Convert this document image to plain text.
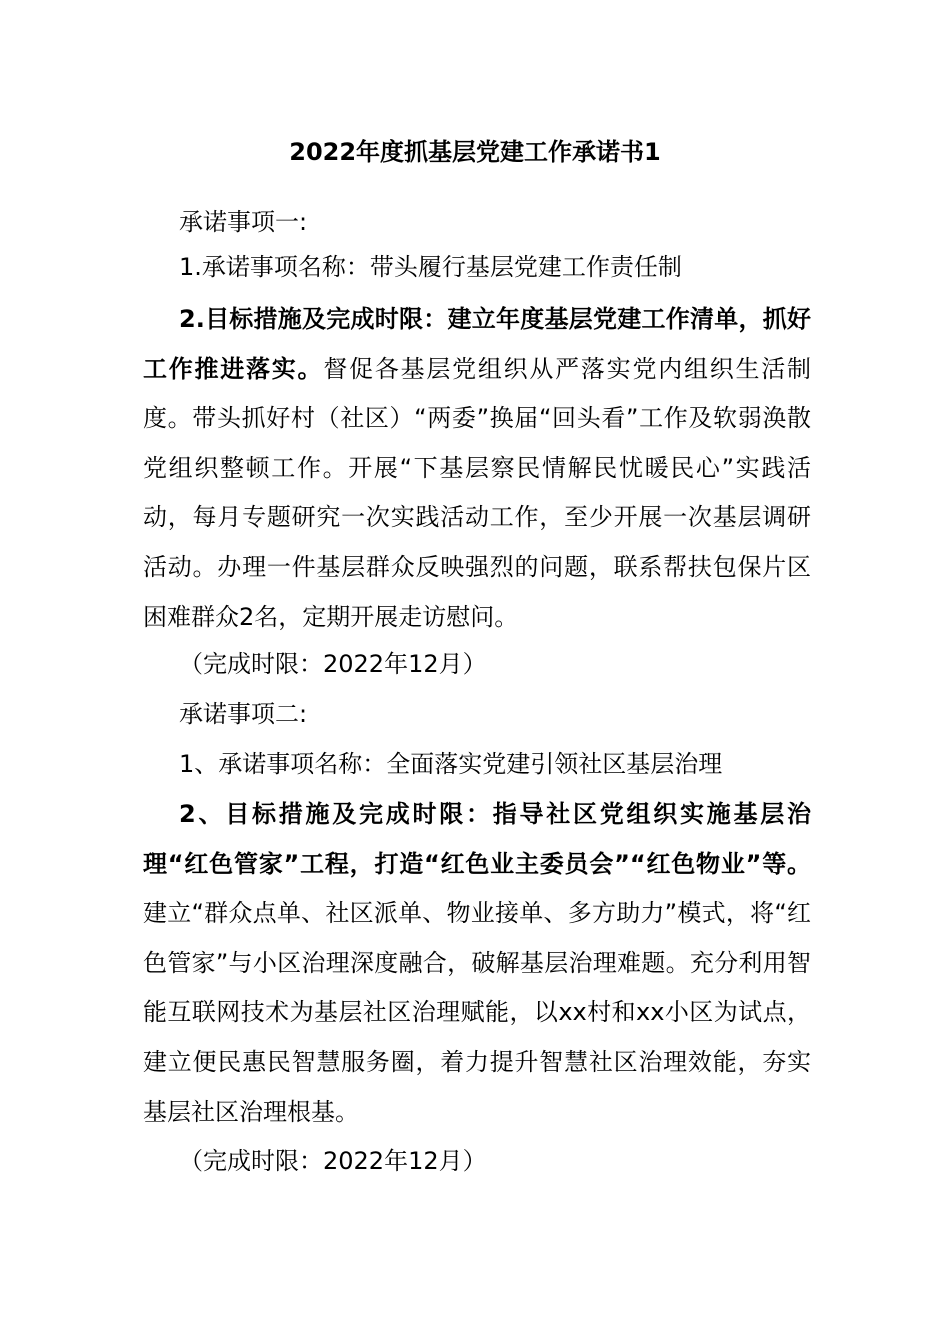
2022年度抓基层党建工作承诺书1

承诺事项一:

1.承诺事项名称：带头履行基层党建工作责任制

2.目标措施及完成时限：建立年度基层党建工作清单，抓好工作推进落实。督促各基层党组织从严落实党内组织生活制度。带头抓好村（社区）“两委”换届“回头看”工作及软弱涣散党组织整顿工作。开展“下基层察民情解民忧暖民心”实践活动，每月专题研究一次实践活动工作，至少开展一次基层调研活动。办理一件基层群众反映强烈的问题，联系帮扶包保片区困难群众2名，定期开展走访慰问。

（完成时限：2022年12月）

承诺事项二:

1、承诺事项名称：全面落实党建引领社区基层治理

2、目标措施及完成时限：指导社区党组织实施基层治理“红色管家”工程，打造“红色业主委员会”“红色物业”等。建立“群众点单、社区派单、物业接单、多方助力”模式，将“红色管家”与小区治理深度融合，破解基层治理难题。充分利用智能互联网技术为基层社区治理赋能，以xx村和xx小区为试点，建立便民惠民智慧服务圈，着力提升智慧社区治理效能，夯实基层社区治理根基。

（完成时限：2022年12月）
